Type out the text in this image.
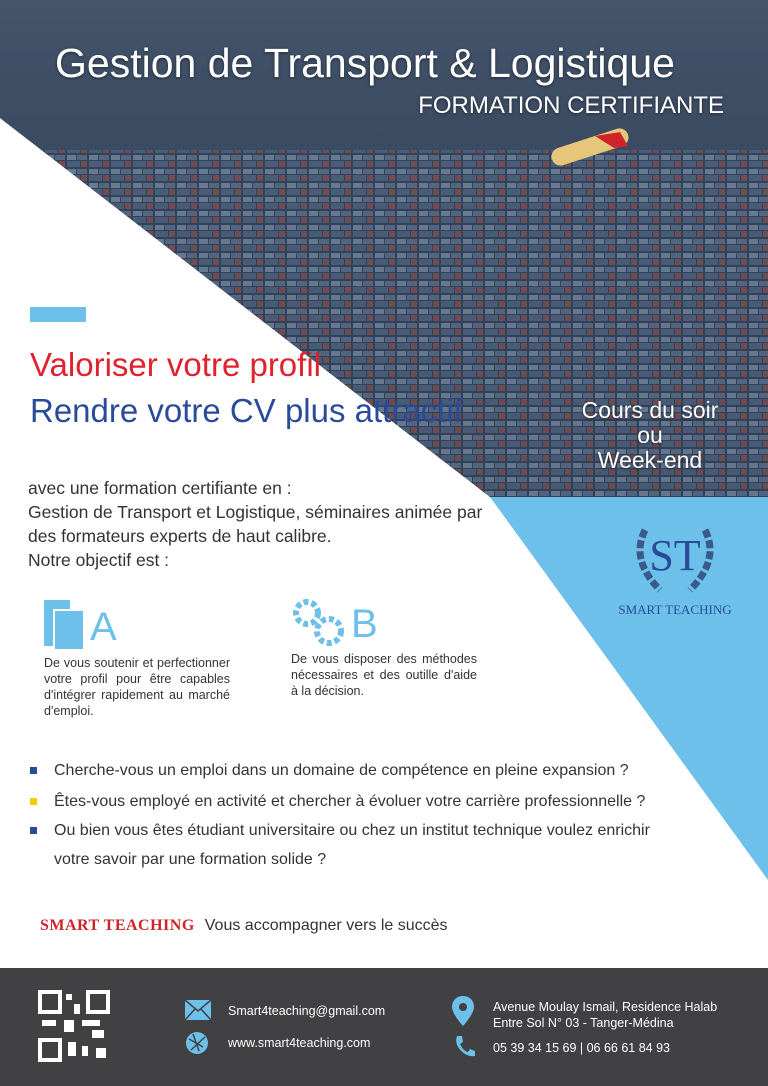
Gestion de Transport & Logistique
FORMATION CERTIFIANTE
Valoriser votre profil
Rendre votre CV plus attractif	Cours du soir
ou
Week-end
avec une formation certifiante en :
Gestion de Transport et Logistique, séminaires animée par
des formateurs experts de haut calibre.
Notre objectif est :	ST
SMART TEACHING
A
De vous soutenir et perfectionner votre profil pour être capables d'intégrer rapidement au marché d'emploi.
B
De vous disposer des méthodes nécessaires et des outille d'aide à la décision.
Cherche-vous un emploi dans un domaine de compétence en pleine expansion ?
Êtes-vous employé en activité et chercher à évoluer votre carrière professionnelle ?
Ou bien vous êtes étudiant universitaire ou chez un institut technique voulez enrichir
votre savoir par une formation solide ?
SMART TEACHING Vous accompagner vers le succès
Smart4teaching@gmail.com
www.smart4teaching.com
Avenue Moulay Ismail, Residence Halab
Entre Sol N° 03 - Tanger-Médina
05 39 34 15 69 | 06 66 61 84 93
